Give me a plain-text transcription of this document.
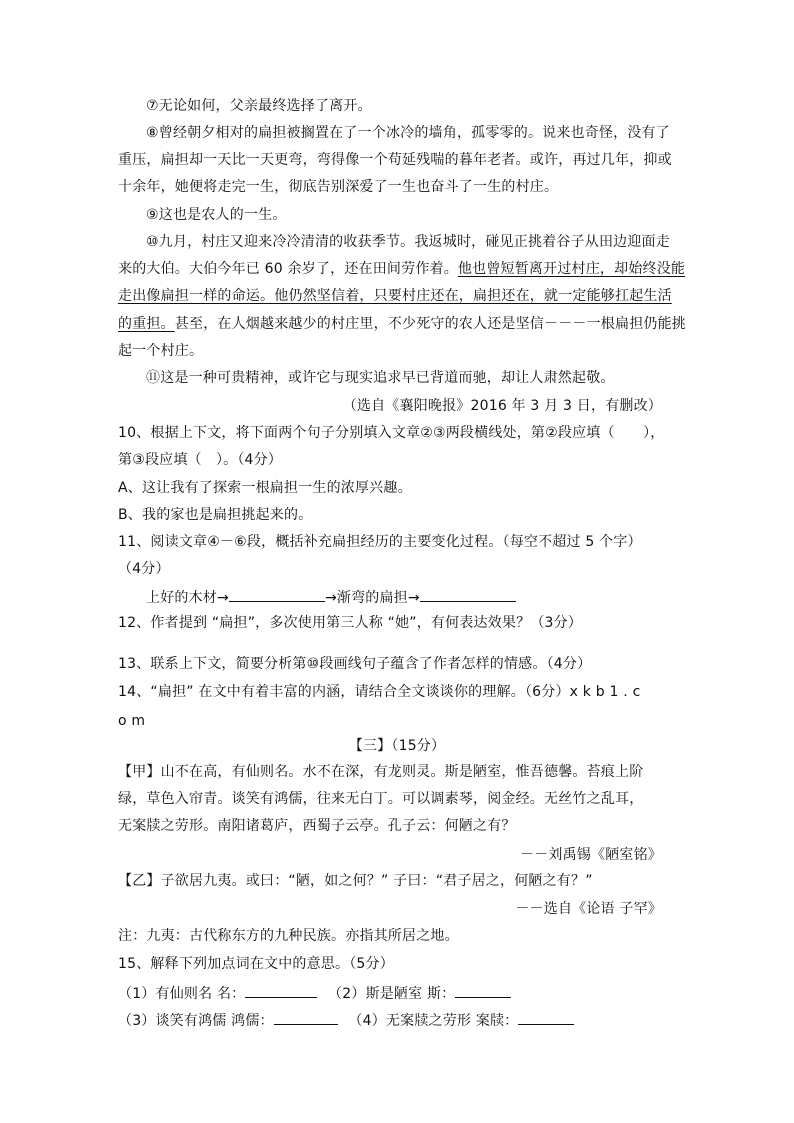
⑦无论如何，父亲最终选择了离开。
⑧曾经朝夕相对的扁担被搁置在了一个冰冷的墙角，孤零零的。说来也奇怪，没有了
重压，扁担却一天比一天更弯，弯得像一个苟延残喘的暮年老者。或许，再过几年，抑或
十余年，她便将走完一生，彻底告别深爱了一生也奋斗了一生的村庄。
⑨这也是农人的一生。
⑩九月，村庄又迎来冷冷清清的收获季节。我返城时，碰见正挑着谷子从田边迎面走
来的大伯。大伯今年已 60 余岁了，还在田间劳作着。他也曾短暂离开过村庄，却始终没能
走出像扁担一样的命运。他仍然坚信着，只要村庄还在，扁担还在，就一定能够扛起生活
的重担。甚至，在人烟越来越少的村庄里，不少死守的农人还是坚信－－－一根扁担仍能挑
起一个村庄。
⑪这是一种可贵精神，或许它与现实追求早已背道而驰，却让人肃然起敬。
（选自《襄阳晚报》2016 年 3 月 3 日，有删改）
10、根据上下文，将下面两个句子分别填入文章②③两段横线处，第②段应填（　　），
第③段应填（　）。（4分）
A、这让我有了探索一根扁担一生的浓厚兴趣。
B、我的家也是扁担挑起来的。
11、阅读文章④－⑥段，概括补充扁担经历的主要变化过程。（每空不超过 5 个字）
（4分）
上好的木材→	→渐弯的扁担→
12、作者提到 “扁担”，多次使用第三人称 “她”，有何表达效果？（3分）
13、联系上下文，简要分析第⑩段画线句子蕴含了作者怎样的情感。（4分）
14、“扁担” 在文中有着丰富的内涵，请结合全文谈谈你的理解。（6分）x k b 1 . c
o m
【三】（15分）
【甲】山不在高，有仙则名。水不在深，有龙则灵。斯是陋室，惟吾德馨。苔痕上阶
绿，草色入帘青。谈笑有鸿儒，往来无白丁。可以调素琴，阅金经。无丝竹之乱耳，
无案牍之劳形。南阳诸葛庐，西蜀子云亭。孔子云：何陋之有？
－－刘禹锡《陋室铭》
【乙】子欲居九夷。或曰：“陋，如之何？” 子曰：“君子居之，何陋之有？”
－－选自《论语 子罕》
注：九夷：古代称东方的九种民族。亦指其所居之地。
15、解释下列加点词在文中的意思。（5分）
（1）有仙则名 名：	（2）斯是陋室 斯：
（3）谈笑有鸿儒 鸿儒：	（4）无案牍之劳形 案牍：
